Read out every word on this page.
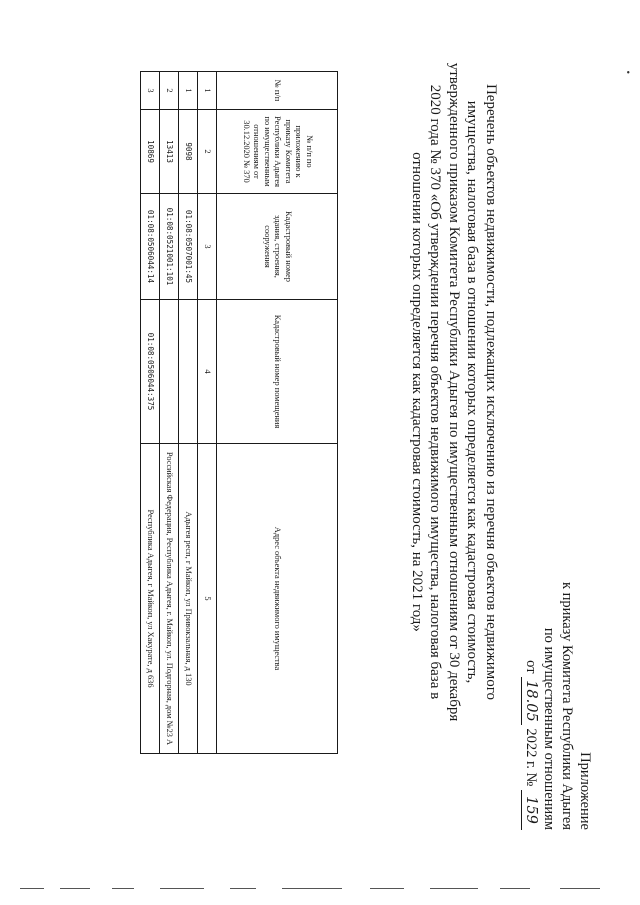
•
Приложение
к приказу Комитета Республики Адыгея
по имущественным отношениям
от 18.05 2022 г. № 159
Перечень объектов недвижимости, подлежащих исключению из перечня объектов недвижимого имущества, налоговая база в отношении которых определяется как кадастровая стоимость, утвержденного приказом Комитета Республики Адыгея по имущественным отношениям от 30 декабря 2020 года № 370 «Об утверждении перечня объектов недвижимого имущества, налоговая база в отношении которых определяется как кадастровая стоимость, на 2021 год»
№ п/п	№ п/п по приложению к приказу Комитета Республики Адыгея по имущественным отношениям от 30.12.2020 № 370	Кадастровый номер здания, строения, сооружения	Кадастровый номер помещения	Адрес объекта недвижимого имущества
1	2	3	4	5
1	9098	01:08:0507001:45		Адыгея респ, г Майкоп, ул Привокзальная, д 130
2	13413	01:08:0521001:101		Российская Федерация, Республика Адыгея, г. Майкоп, ул. Подгорная, дом №23 А
3	10869	01:08:0506044:14	01:08:0506044:375	Республика Адыгея, г Майкоп, ул Хакурате, д 636
